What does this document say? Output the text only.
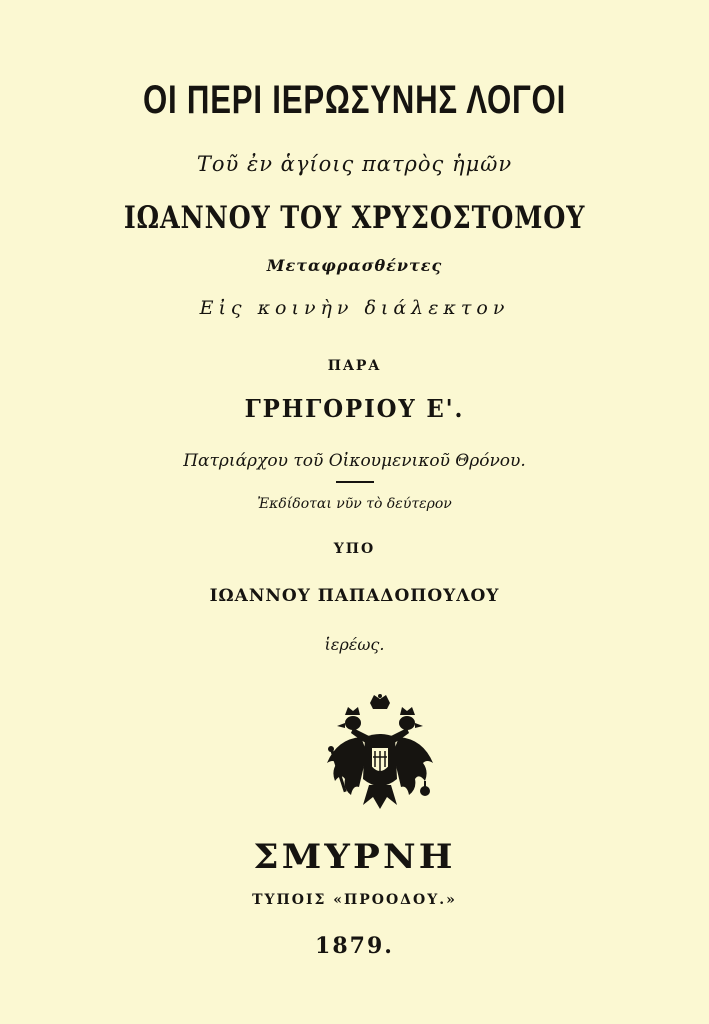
ΟΙ ΠΕΡΙ ΙΕΡΩΣΥΝΗΣ ΛΟΓΟΙ
Τοῦ ἐν ἁγίοις πατρὸς ἡμῶν
ΙΩΑΝΝΟΥ ΤΟΥ ΧΡΥΣΟΣΤΟΜΟΥ
Μεταφρασθέντες
Εἰς κοινὴν διάλεκτον
ΠΑΡΑ
ΓΡΗΓΟΡΙΟΥ Ε'.
Πατριάρχου τοῦ Οἰκουμενικοῦ Θρόνου.
Ἐκδίδοται νῦν τὸ δεύτερον
ΥΠΟ
ΙΩΑΝΝΟΥ ΠΑΠΑΔΟΠΟΥΛΟΥ
ἱερέως.
ΣΜΥΡΝΗ
ΤΥΠΟΙΣ «ΠΡΟΟΔΟΥ.»
1879.
